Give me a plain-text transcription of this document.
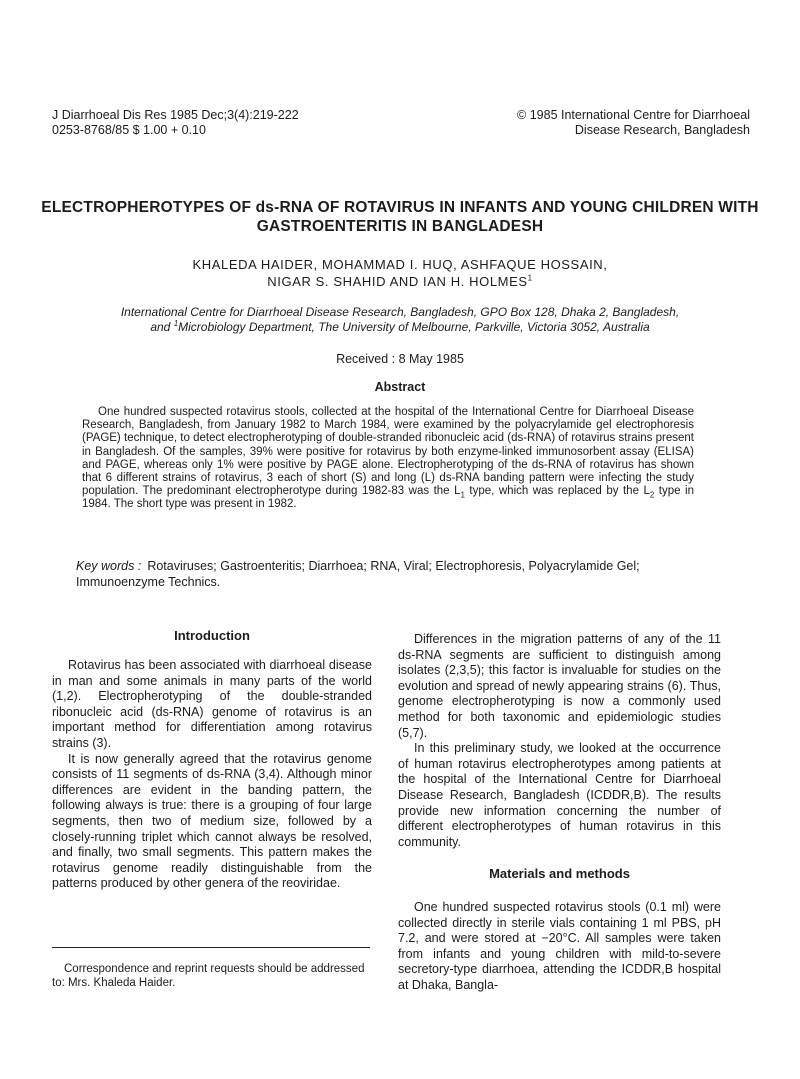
J Diarrhoeal Dis Res 1985 Dec;3(4):219-222
0253-8768/85 $ 1.00 + 0.10
© 1985 International Centre for Diarrhoeal
Disease Research, Bangladesh
ELECTROPHEROTYPES OF ds-RNA OF ROTAVIRUS IN INFANTS AND YOUNG CHILDREN WITH GASTROENTERITIS IN BANGLADESH
KHALEDA HAIDER, MOHAMMAD I. HUQ, ASHFAQUE HOSSAIN,
NIGAR S. SHAHID AND IAN H. HOLMES$^1$
International Centre for Diarrhoeal Disease Research, Bangladesh, GPO Box 128, Dhaka 2, Bangladesh,
and $^1$Microbiology Department, The University of Melbourne, Parkville, Victoria 3052, Australia
Received : 8 May 1985
Abstract
One hundred suspected rotavirus stools, collected at the hospital of the International Centre for Diarrhoeal Disease Research, Bangladesh, from January 1982 to March 1984, were examined by the polyacrylamide gel electrophoresis (PAGE) technique, to detect electropherotyping of double-stranded ribonucleic acid (ds-RNA) of rotavirus strains present in Bangladesh. Of the samples, 39% were positive for rotavirus by both enzyme-linked immunosorbent assay (ELISA) and PAGE, whereas only 1% were positive by PAGE alone. Electropherotyping of the ds-RNA of rotavirus has shown that 6 different strains of rotavirus, 3 each of short (S) and long (L) ds-RNA banding pattern were infecting the study population. The predominant electropherotype during 1982-83 was the $L_1$ type, which was replaced by the $L_2$ type in 1984. The short type was present in 1982.
Key words : Rotaviruses; Gastroenteritis; Diarrhoea; RNA, Viral; Electrophoresis, Polyacrylamide Gel; Immunoenzyme Technics.
Introduction

Rotavirus has been associated with diarrhoeal disease in man and some animals in many parts of the world (1,2). Electropherotyping of the double-stranded ribonucleic acid (ds-RNA) genome of rotavirus is an important method for differentiation among rotavirus strains (3).

It is now generally agreed that the rotavirus genome consists of 11 segments of ds-RNA (3,4). Although minor differences are evident in the banding pattern, the following always is true: there is a grouping of four large segments, then two of medium size, followed by a closely-running triplet which cannot always be resolved, and finally, two small segments. This pattern makes the rotavirus genome readily distinguishable from the patterns produced by other genera of the reoviridae.

Correspondence and reprint requests should be addressed to: Mrs. Khaleda Haider.

Differences in the migration patterns of any of the 11 ds-RNA segments are sufficient to distinguish among isolates (2,3,5); this factor is invaluable for studies on the evolution and spread of newly appearing strains (6). Thus, genome electropherotyping is now a commonly used method for both taxonomic and epidemiologic studies (5,7).

In this preliminary study, we looked at the occurrence of human rotavirus electropherotypes among patients at the hospital of the International Centre for Diarrhoeal Disease Research, Bangladesh (ICDDR,B). The results provide new information concerning the number of different electropherotypes of human rotavirus in this community.

Materials and methods

One hundred suspected rotavirus stools (0.1 ml) were collected directly in sterile vials containing 1 ml PBS, pH 7.2, and were stored at −20°C. All samples were taken from infants and young children with mild-to-severe secretory-type diarrhoea, attending the ICDDR,B hospital at Dhaka, Bangla-
